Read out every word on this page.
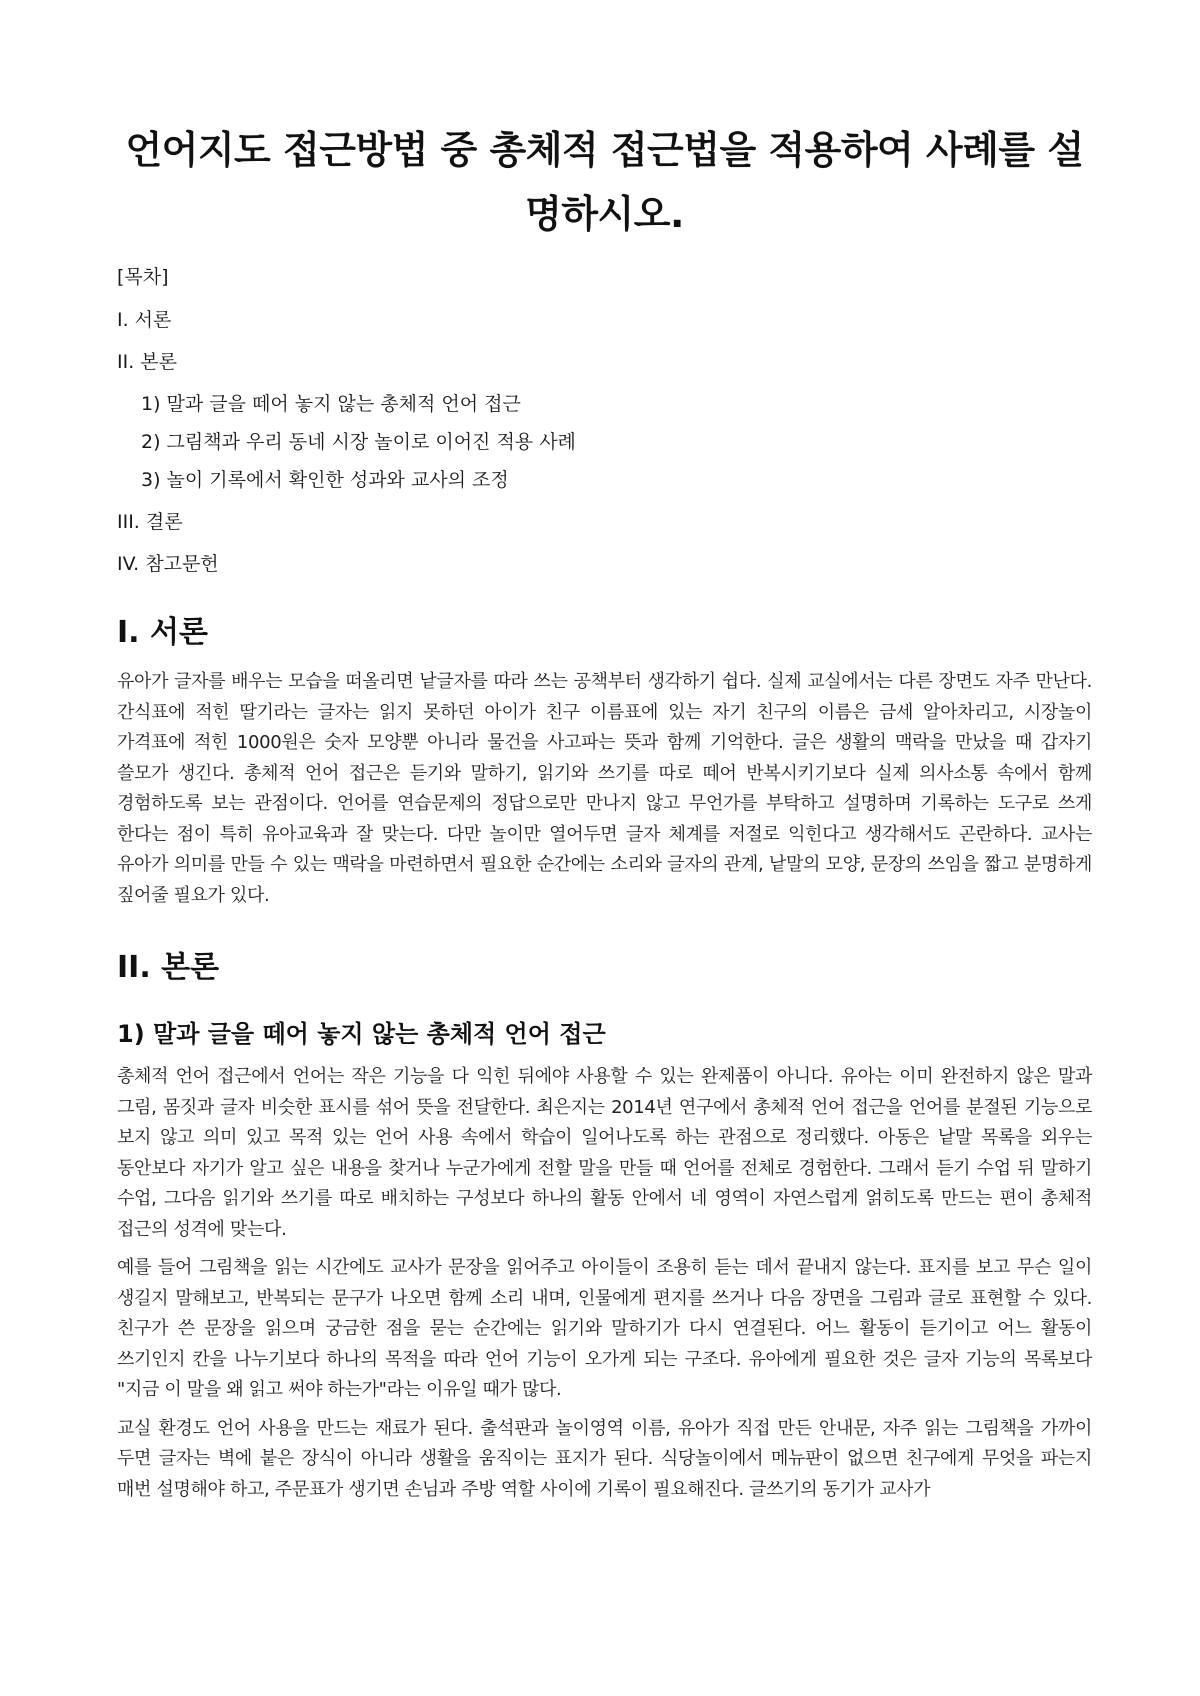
언어지도 접근방법 중 총체적 접근법을 적용하여 사례를 설명하시오.
[목차]
I. 서론
II. 본론
1) 말과 글을 떼어 놓지 않는 총체적 언어 접근
2) 그림책과 우리 동네 시장 놀이로 이어진 적용 사례
3) 놀이 기록에서 확인한 성과와 교사의 조정
III. 결론
IV. 참고문헌
I. 서론

유아가 글자를 배우는 모습을 떠올리면 낱글자를 따라 쓰는 공책부터 생각하기 쉽다. 실제 교실에서는 다른 장면도 자주 만난다. 간식표에 적힌 딸기라는 글자는 읽지 못하던 아이가 친구 이름표에 있는 자기 친구의 이름은 금세 알아차리고, 시장놀이 가격표에 적힌 1000원은 숫자 모양뿐 아니라 물건을 사고파는 뜻과 함께 기억한다. 글은 생활의 맥락을 만났을 때 갑자기 쓸모가 생긴다. 총체적 언어 접근은 듣기와 말하기, 읽기와 쓰기를 따로 떼어 반복시키기보다 실제 의사소통 속에서 함께 경험하도록 보는 관점이다. 언어를 연습문제의 정답으로만 만나지 않고 무언가를 부탁하고 설명하며 기록하는 도구로 쓰게 한다는 점이 특히 유아교육과 잘 맞는다. 다만 놀이만 열어두면 글자 체계를 저절로 익힌다고 생각해서도 곤란하다. 교사는 유아가 의미를 만들 수 있는 맥락을 마련하면서 필요한 순간에는 소리와 글자의 관계, 낱말의 모양, 문장의 쓰임을 짧고 분명하게 짚어줄 필요가 있다.

II. 본론
1) 말과 글을 떼어 놓지 않는 총체적 언어 접근

총체적 언어 접근에서 언어는 작은 기능을 다 익힌 뒤에야 사용할 수 있는 완제품이 아니다. 유아는 이미 완전하지 않은 말과 그림, 몸짓과 글자 비슷한 표시를 섞어 뜻을 전달한다. 최은지는 2014년 연구에서 총체적 언어 접근을 언어를 분절된 기능으로 보지 않고 의미 있고 목적 있는 언어 사용 속에서 학습이 일어나도록 하는 관점으로 정리했다. 아동은 낱말 목록을 외우는 동안보다 자기가 알고 싶은 내용을 찾거나 누군가에게 전할 말을 만들 때 언어를 전체로 경험한다. 그래서 듣기 수업 뒤 말하기 수업, 그다음 읽기와 쓰기를 따로 배치하는 구성보다 하나의 활동 안에서 네 영역이 자연스럽게 얽히도록 만드는 편이 총체적 접근의 성격에 맞는다.

예를 들어 그림책을 읽는 시간에도 교사가 문장을 읽어주고 아이들이 조용히 듣는 데서 끝내지 않는다. 표지를 보고 무슨 일이 생길지 말해보고, 반복되는 문구가 나오면 함께 소리 내며, 인물에게 편지를 쓰거나 다음 장면을 그림과 글로 표현할 수 있다. 친구가 쓴 문장을 읽으며 궁금한 점을 묻는 순간에는 읽기와 말하기가 다시 연결된다. 어느 활동이 듣기이고 어느 활동이 쓰기인지 칸을 나누기보다 하나의 목적을 따라 언어 기능이 오가게 되는 구조다. 유아에게 필요한 것은 글자 기능의 목록보다 "지금 이 말을 왜 읽고 써야 하는가"라는 이유일 때가 많다.

교실 환경도 언어 사용을 만드는 재료가 된다. 출석판과 놀이영역 이름, 유아가 직접 만든 안내문, 자주 읽는 그림책을 가까이 두면 글자는 벽에 붙은 장식이 아니라 생활을 움직이는 표지가 된다. 식당놀이에서 메뉴판이 없으면 친구에게 무엇을 파는지 매번 설명해야 하고, 주문표가 생기면 손님과 주방 역할 사이에 기록이 필요해진다. 글쓰기의 동기가 교사가
